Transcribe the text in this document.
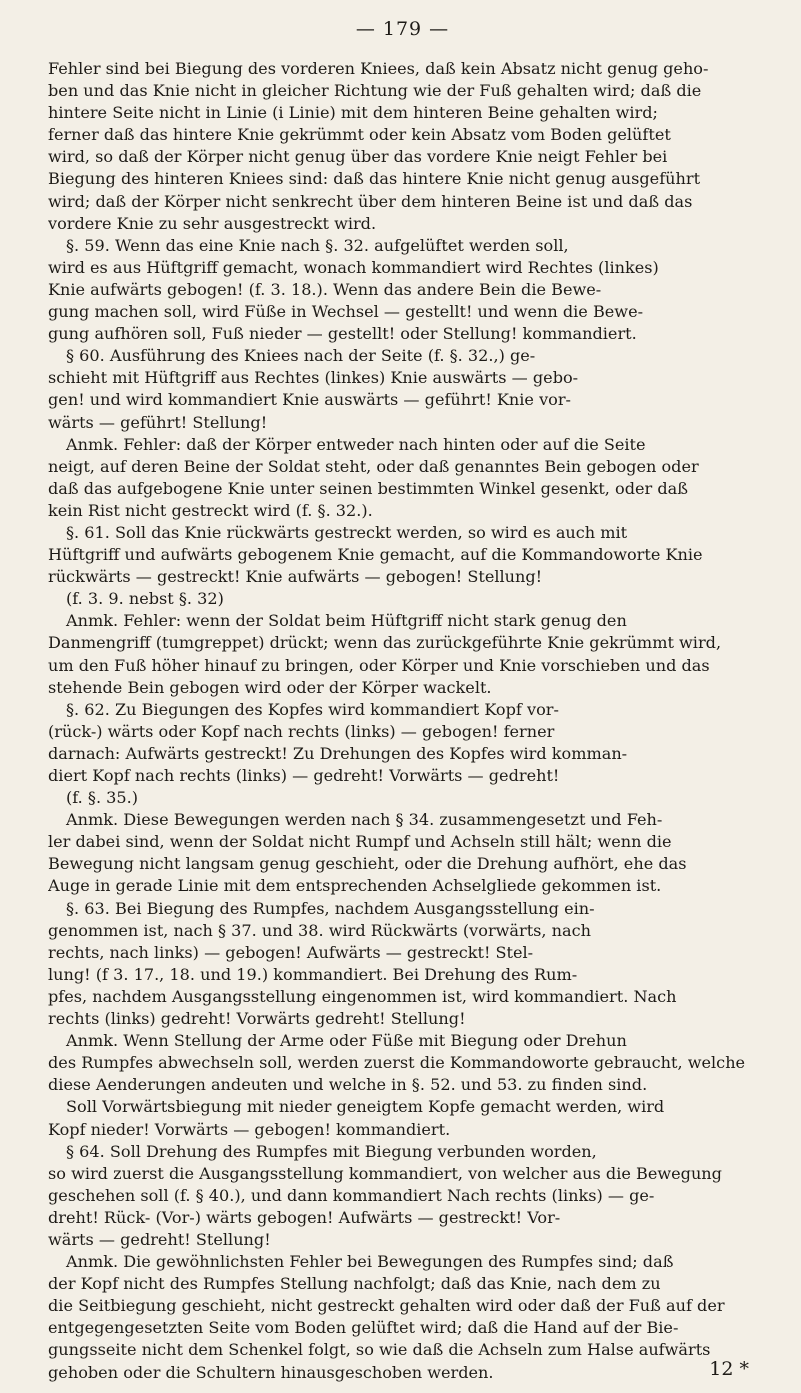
— 179 —
Fehler sind bei Biegung des vorderen Kniees, daß kein Absatz nicht genug geho-
ben und das Knie nicht in gleicher Richtung wie der Fuß gehalten wird; daß die
hintere Seite nicht in Linie (i Linie) mit dem hinteren Beine gehalten wird;
ferner daß das hintere Knie gekrümmt oder kein Absatz vom Boden gelüftet
wird, so daß der Körper nicht genug über das vordere Knie neigt Fehler bei
Biegung des hinteren Kniees sind: daß das hintere Knie nicht genug ausgeführt
wird; daß der Körper nicht senkrecht über dem hinteren Beine ist und daß das
vordere Knie zu sehr ausgestreckt wird.
§. 59. Wenn das eine Knie nach §. 32. aufgelüftet werden soll,
wird es aus Hüftgriff gemacht, wonach kommandiert wird Rechtes (linkes)
Knie aufwärts gebogen! (f. 3. 18.). Wenn das andere Bein die Bewe-
gung machen soll, wird Füße in Wechsel — gestellt! und wenn die Bewe-
gung aufhören soll, Fuß nieder — gestellt! oder Stellung! kommandiert.
§ 60. Ausführung des Kniees nach der Seite (f. §. 32.,) ge-
schieht mit Hüftgriff aus Rechtes (linkes) Knie auswärts — gebo-
gen! und wird kommandiert Knie auswärts — geführt! Knie vor-
wärts — geführt! Stellung!
Anmk. Fehler: daß der Körper entweder nach hinten oder auf die Seite
neigt, auf deren Beine der Soldat steht, oder daß genanntes Bein gebogen oder
daß das aufgebogene Knie unter seinen bestimmten Winkel gesenkt, oder daß
kein Rist nicht gestreckt wird (f. §. 32.).
§. 61. Soll das Knie rückwärts gestreckt werden, so wird es auch mit
Hüftgriff und aufwärts gebogenem Knie gemacht, auf die Kommandoworte Knie
rückwärts — gestreckt! Knie aufwärts — gebogen! Stellung!
(f. 3. 9. nebst §. 32)
Anmk. Fehler: wenn der Soldat beim Hüftgriff nicht stark genug den
Danmengriff (tumgreppet) drückt; wenn das zurückgeführte Knie gekrümmt wird,
um den Fuß höher hinauf zu bringen, oder Körper und Knie vorschieben und das
stehende Bein gebogen wird oder der Körper wackelt.
§. 62. Zu Biegungen des Kopfes wird kommandiert Kopf vor-
(rück-) wärts oder Kopf nach rechts (links) — gebogen! ferner
darnach: Aufwärts gestreckt! Zu Drehungen des Kopfes wird komman-
diert Kopf nach rechts (links) — gedreht! Vorwärts — gedreht!
(f. §. 35.)
Anmk. Diese Bewegungen werden nach § 34. zusammengesetzt und Feh-
ler dabei sind, wenn der Soldat nicht Rumpf und Achseln still hält; wenn die
Bewegung nicht langsam genug geschieht, oder die Drehung aufhört, ehe das
Auge in gerade Linie mit dem entsprechenden Achselgliede gekommen ist.
§. 63. Bei Biegung des Rumpfes, nachdem Ausgangsstellung ein-
genommen ist, nach § 37. und 38. wird Rückwärts (vorwärts, nach
rechts, nach links) — gebogen! Aufwärts — gestreckt! Stel-
lung! (f 3. 17., 18. und 19.) kommandiert. Bei Drehung des Rum-
pfes, nachdem Ausgangsstellung eingenommen ist, wird kommandiert. Nach
rechts (links) gedreht! Vorwärts gedreht! Stellung!
Anmk. Wenn Stellung der Arme oder Füße mit Biegung oder Drehun
des Rumpfes abwechseln soll, werden zuerst die Kommandoworte gebraucht, welche
diese Aenderungen andeuten und welche in §. 52. und 53. zu finden sind.
Soll Vorwärtsbiegung mit nieder geneigtem Kopfe gemacht werden, wird
Kopf nieder! Vorwärts — gebogen! kommandiert.
§ 64. Soll Drehung des Rumpfes mit Biegung verbunden worden,
so wird zuerst die Ausgangsstellung kommandiert, von welcher aus die Bewegung
geschehen soll (f. § 40.), und dann kommandiert Nach rechts (links) — ge-
dreht! Rück- (Vor-) wärts gebogen! Aufwärts — gestreckt! Vor-
wärts — gedreht! Stellung!
Anmk. Die gewöhnlichsten Fehler bei Bewegungen des Rumpfes sind; daß
der Kopf nicht des Rumpfes Stellung nachfolgt; daß das Knie, nach dem zu
die Seitbiegung geschieht, nicht gestreckt gehalten wird oder daß der Fuß auf der
entgegengesetzten Seite vom Boden gelüftet wird; daß die Hand auf der Bie-
gungsseite nicht dem Schenkel folgt, so wie daß die Achseln zum Halse aufwärts
gehoben oder die Schultern hinausgeschoben werden.	12 *
